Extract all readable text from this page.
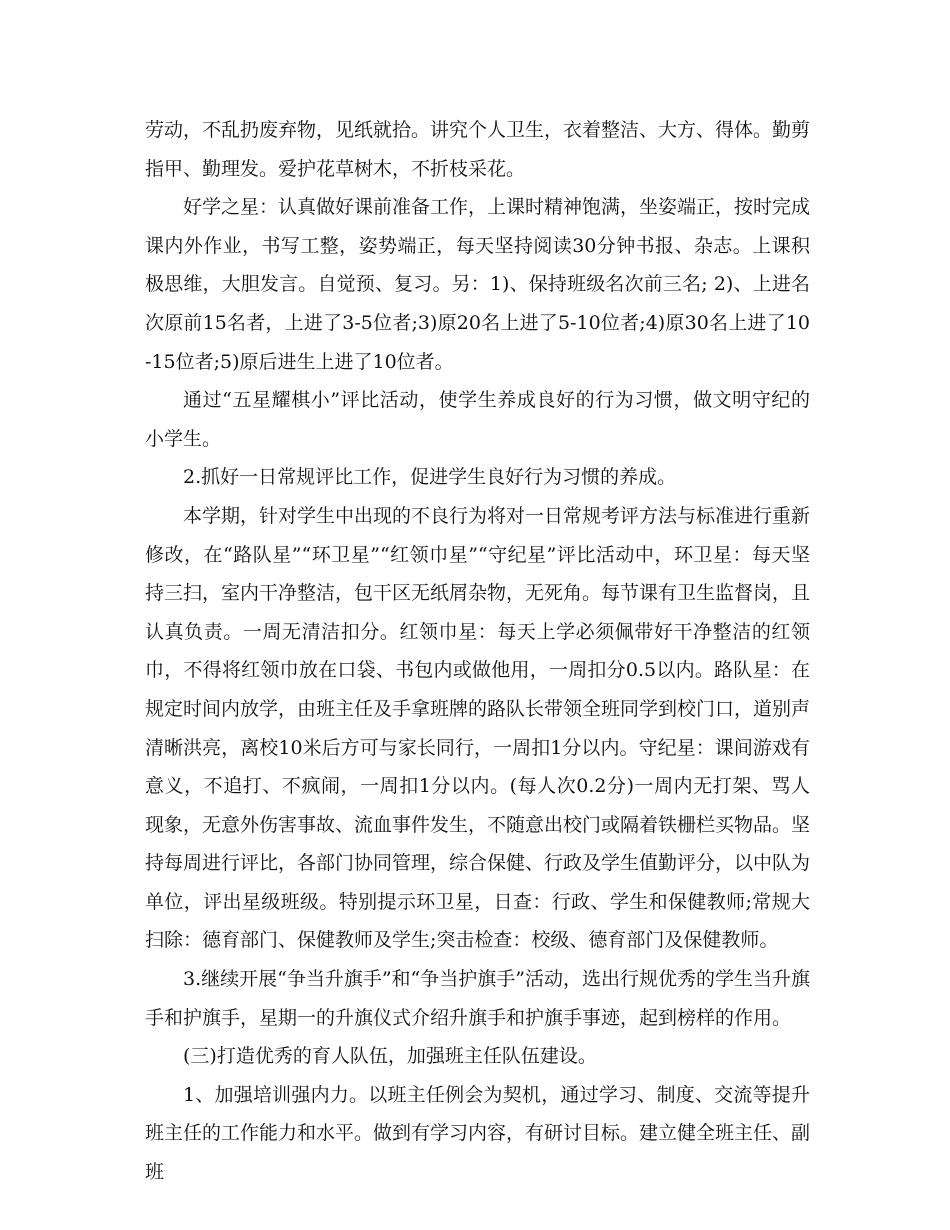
劳动，不乱扔废弃物，见纸就拾。讲究个人卫生，衣着整洁、大方、得体。勤剪指甲、勤理发。爱护花草树木，不折枝采花。

好学之星：认真做好课前准备工作，上课时精神饱满，坐姿端正，按时完成课内外作业，书写工整，姿势端正，每天坚持阅读30分钟书报、杂志。上课积极思维，大胆发言。自觉预、复习。另：1)、保持班级名次前三名; 2)、上进名次原前15名者，上进了3-5位者;3)原20名上进了5-10位者;4)原30名上进了10-15位者;5)原后进生上进了10位者。

通过“五星耀棋小”评比活动，使学生养成良好的行为习惯，做文明守纪的小学生。

2.抓好一日常规评比工作，促进学生良好行为习惯的养成。

本学期，针对学生中出现的不良行为将对一日常规考评方法与标准进行重新修改，在“路队星”“环卫星”“红领巾星”“守纪星”评比活动中，环卫星：每天坚持三扫，室内干净整洁，包干区无纸屑杂物，无死角。每节课有卫生监督岗，且认真负责。一周无清洁扣分。红领巾星：每天上学必须佩带好干净整洁的红领巾，不得将红领巾放在口袋、书包内或做他用，一周扣分0.5以内。路队星：在规定时间内放学，由班主任及手拿班牌的路队长带领全班同学到校门口，道别声清晰洪亮，离校10米后方可与家长同行，一周扣1分以内。守纪星：课间游戏有意义，不追打、不疯闹，一周扣1分以内。(每人次0.2分)一周内无打架、骂人现象，无意外伤害事故、流血事件发生，不随意出校门或隔着铁栅栏买物品。坚持每周进行评比，各部门协同管理，综合保健、行政及学生值勤评分，以中队为单位，评出星级班级。特别提示环卫星，日查：行政、学生和保健教师;常规大扫除：德育部门、保健教师及学生;突击检查：校级、德育部门及保健教师。

3.继续开展“争当升旗手”和“争当护旗手”活动，选出行规优秀的学生当升旗手和护旗手，星期一的升旗仪式介绍升旗手和护旗手事迹，起到榜样的作用。

(三)打造优秀的育人队伍，加强班主任队伍建设。

1、加强培训强内力。以班主任例会为契机，通过学习、制度、交流等提升班主任的工作能力和水平。做到有学习内容，有研讨目标。建立健全班主任、副班
